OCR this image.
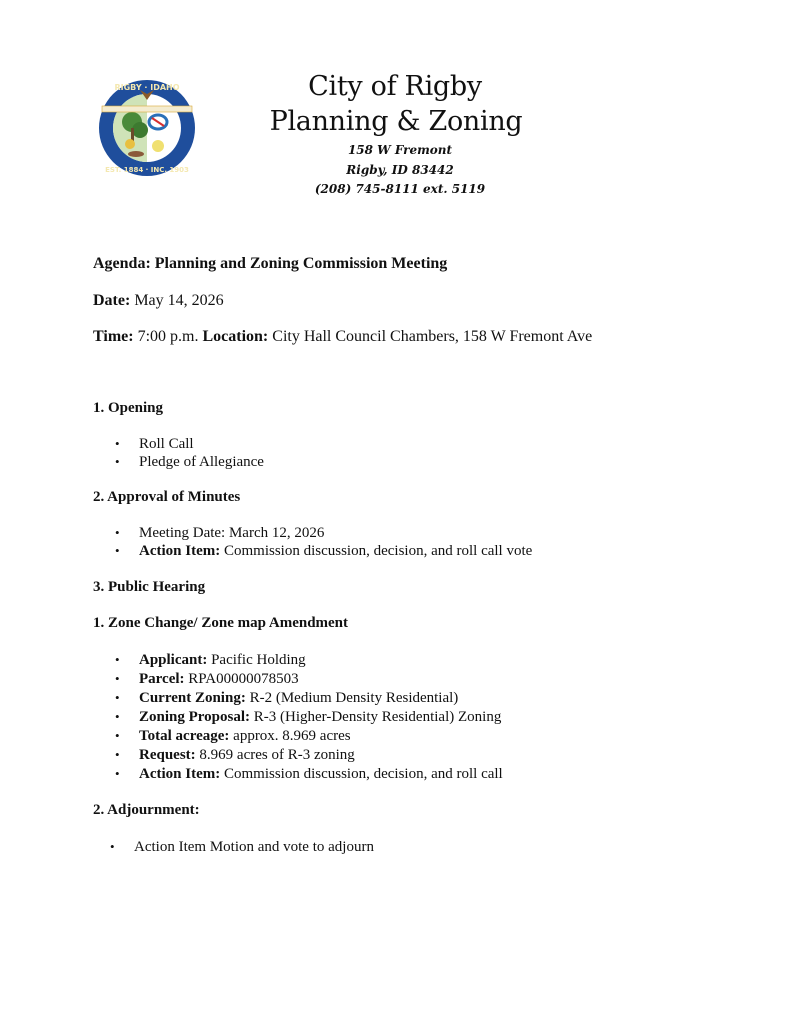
RIGBY · IDAHO
EST. 1884 · INC. 1903
City of Rigby
Planning & Zoning
158 W Fremont
Rigby, ID 83442
(208) 745-8111 ext. 5119
Agenda: Planning and Zoning Commission Meeting
Date: May 14, 2026
Time: 7:00 p.m. Location: City Hall Council Chambers, 158 W Fremont Ave
1. Opening
• Roll Call
• Pledge of Allegiance
2. Approval of Minutes
• Meeting Date: March 12, 2026
• Action Item: Commission discussion, decision, and roll call vote
3. Public Hearing
1. Zone Change/ Zone map Amendment
• Applicant: Pacific Holding
• Parcel: RPA00000078503
• Current Zoning: R-2 (Medium Density Residential)
• Zoning Proposal: R-3 (Higher-Density Residential) Zoning
• Total acreage: approx. 8.969 acres
• Request: 8.969 acres of R-3 zoning
• Action Item: Commission discussion, decision, and roll call
2. Adjournment:
• Action Item Motion and vote to adjourn
